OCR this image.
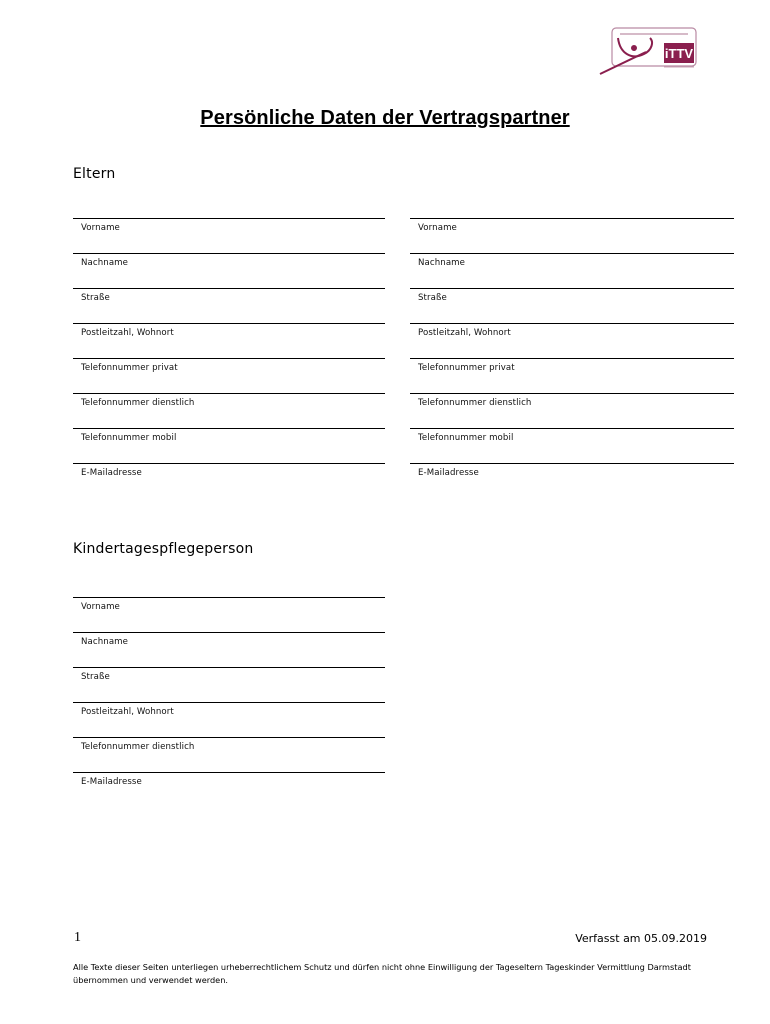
iTTV
Persönliche Daten der Vertragspartner
Eltern
Vorname
Nachname
Straße
Postleitzahl, Wohnort
Telefonnummer privat
Telefonnummer dienstlich
Telefonnummer mobil
E-Mailadresse
Vorname
Nachname
Straße
Postleitzahl, Wohnort
Telefonnummer privat
Telefonnummer dienstlich
Telefonnummer mobil
E-Mailadresse
Kindertagespflegeperson
Vorname
Nachname
Straße
Postleitzahl, Wohnort
Telefonnummer dienstlich
E-Mailadresse
1	Verfasst am 05.09.2019
Alle Texte dieser Seiten unterliegen urheberrechtlichem Schutz und dürfen nicht ohne Einwilligung der Tageseltern Tageskinder Vermittlung Darmstadt übernommen und verwendet werden.
